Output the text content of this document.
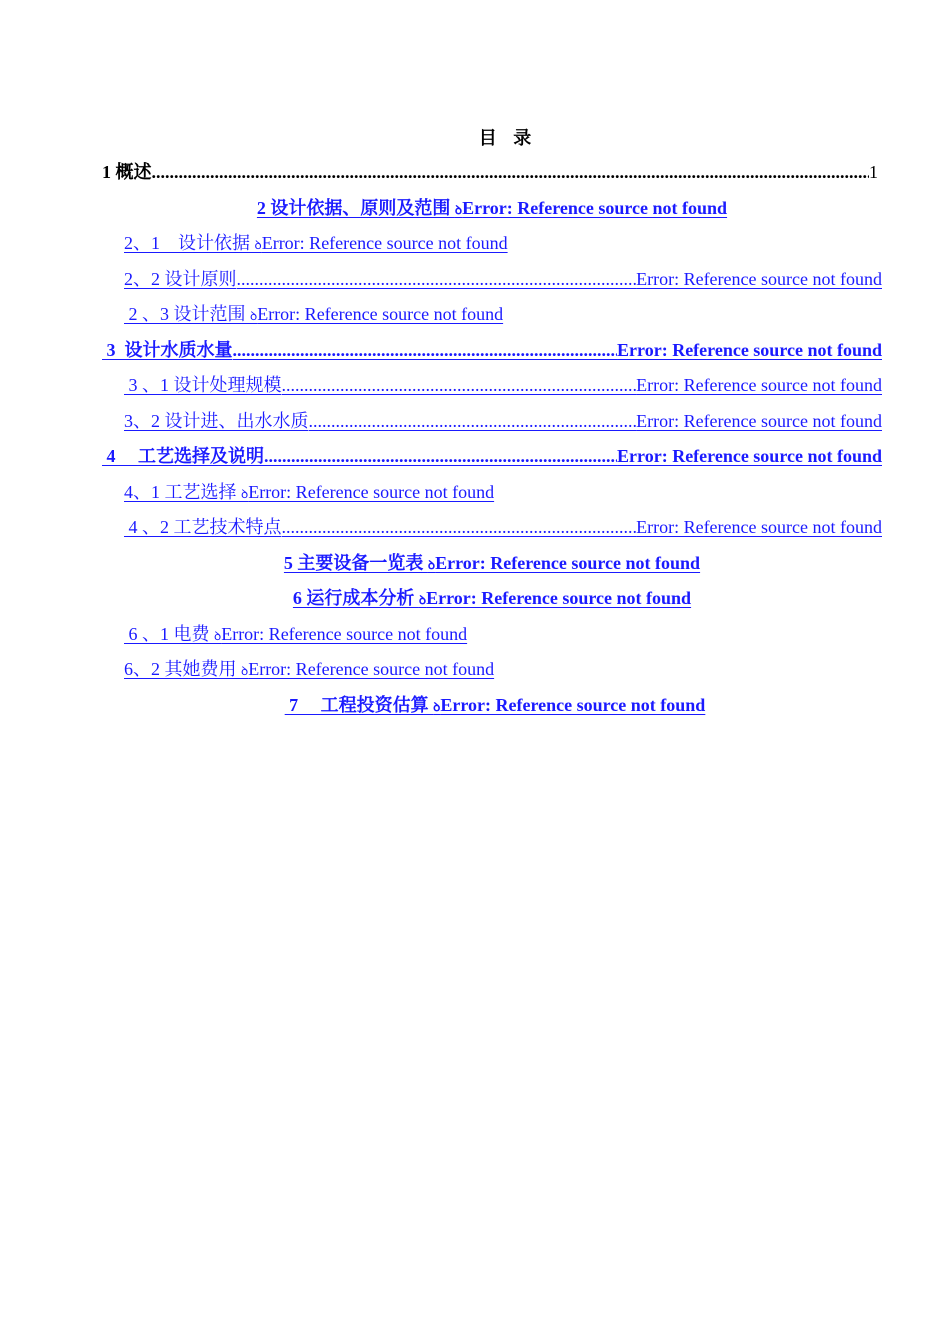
目 录
1 概述 .....	1
2 设计依据、原则及范围 ꝺ Error: Reference source not found
2、1　设计依据 ꝺ Error: Reference source not found
2、2 设计原则 .....	Error: Reference source not found
2 、3 设计范围 ꝺ Error: Reference source not found
3  设计水质水量 .....	Error: Reference source not found
3 、1 设计处理规模 .....	Error: Reference source not found
3、2 设计进、出水水质 .....	Error: Reference source not found
4　 工艺选择及说明 .....	Error: Reference source not found
4、1 工艺选择 ꝺ Error: Reference source not found
4 、2 工艺技术特点 .....	Error: Reference source not found
5 主要设备一览表 ꝺ Error: Reference source not found
6 运行成本分析 ꝺ Error: Reference source not found
6 、1 电费 ꝺ Error: Reference source not found
6、2 其她费用 ꝺ Error: Reference source not found
7　 工程投资估算 ꝺ Error: Reference source not found
